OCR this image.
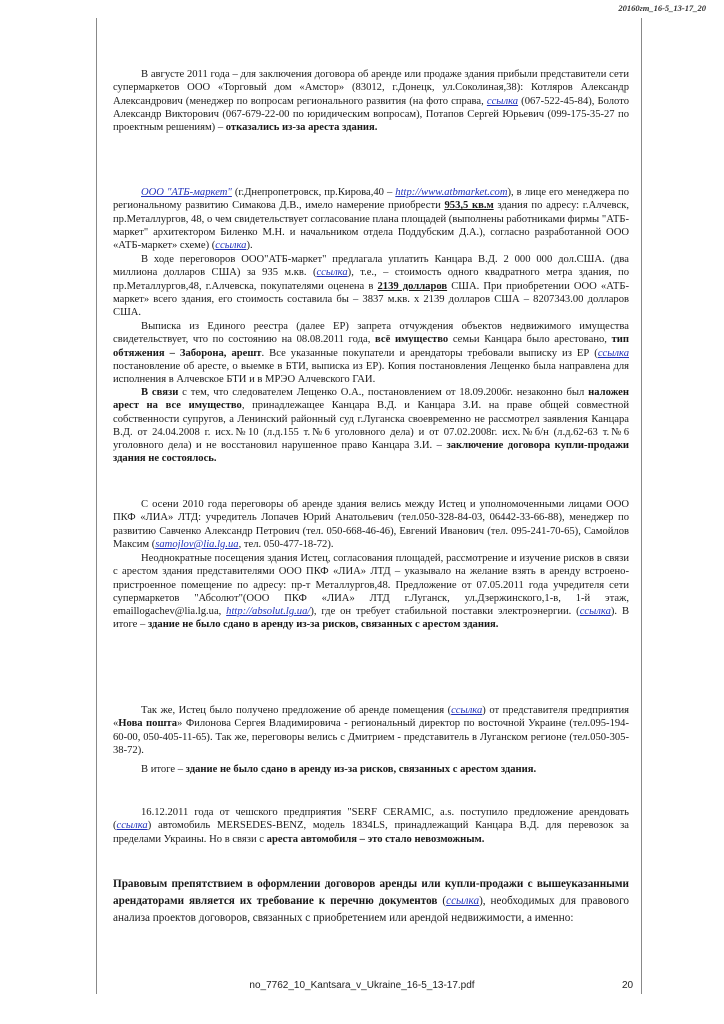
20160гт_16-5_13-17_20

В августе 2011 года – для заключения договора об аренде или продаже здания прибыли представители сети супермаркетов ООО «Торговый дом «Амстор» (83012, г.Донецк, ул.Соколиная,38): Котляров Александр Александрович (менеджер по вопросам регионального развития (на фото справа, ссылка (067-522-45-84), Болото Александр Викторович (067-679-22-00 по юридическим вопросам), Потапов Сергей Юрьевич (099-175-35-27 по проектным решениям) – отказались из-за ареста здания.

ООО "АТБ-маркет" (г.Днепропетровск, пр.Кирова,40 – http://www.atbmarket.com), в лице его менеджера по региональному развитию Симакова Д.В., имело намерение приобрести 953,5 кв.м здания по адресу: г.Алчевск, пр.Металлургов, 48, о чем свидетельствует согласование плана площадей (выполнены работниками фирмы "АТБ-маркет" архитектором Биленко М.Н. и начальником отдела Поддубским Д.А.), согласно разработанной ООО «АТБ-маркет» схеме) (ссылка).

В ходе переговоров ООО"АТБ-маркет" предлагала уплатить Канцара В.Д. 2 000 000 дол.США. (два миллиона долларов США) за 935 м.кв. (ссылка), т.е., – стоимость одного квадратного метра здания, по пр.Металлургов,48, г.Алчевска, покупателями оценена в 2139 долларов США. При приобретении ООО «АТБ-маркет» всего здания, его стоимость составила бы – 3837 м.кв. х 2139 долларов США – 8207343.00 долларов США.

Выписка из Единого реестра (далее ЕР) запрета отчуждения объектов недвижимого имущества свидетельствует, что по состоянию на 08.08.2011 года, всё имущество семьи Канцара было арестовано, тип обтяжения – Заборона, арешт. Все указанные покупатели и арендаторы требовали выписку из ЕР (ссылка постановление об аресте, о выемке в БТИ, выписка из ЕР). Копия постановления Лещенко была направлена для исполнения в Алчевское БТИ и в МРЭО Алчевского ГАИ.

В связи с тем, что следователем Лещенко О.А., постановлением от 18.09.2006г. незаконно был наложен арест на все имущество, принадлежащее Канцара В.Д. и Канцара З.И. на праве общей совместной собственности супругов, а Ленинский районный суд г.Луганска своевременно не рассмотрел заявления Канцара В.Д. от 24.04.2008 г. исх.№10 (л.д.155 т.№6 уголовного дела) и от 07.02.2008г. исх.№б/н (л.д.62-63 т.№6 уголовного дела) и не восстановил нарушенное право Канцара З.И. – заключение договора купли-продажи здания не состоялось.

С осени 2010 года переговоры об аренде здания велись между Истец и уполномоченными лицами ООО ПКФ «ЛИА» ЛТД: учредитель Лопачев Юрий Анатольевич (тел.050-328-84-03, 06442-33-66-88), менеджер по развитию Савченко Александр Петрович (тел. 050-668-46-46), Евгений Иванович (тел. 095-241-70-65), Самойлов Максим (samojlov@lia.lg.ua, тел. 050-477-18-72).

Неоднократные посещения здания Истец, согласования площадей, рассмотрение и изучение рисков в связи с арестом здания представителями ООО ПКФ «ЛИА» ЛТД – указывало на желание взять в аренду встроено-пристроенное помещение по адресу: пр-т Металлургов,48. Предложение от 07.05.2011 года учредителя сети супермаркетов "Абсолют"(ООО ПКФ «ЛИА» ЛТД г.Луганск, ул.Дзержинского,1-в, 1-й этаж, emaillogachev@lia.lg.ua, http://absolut.lg.ua/), где он требует стабильной поставки электроэнергии. (ссылка). В итоге – здание не было сдано в аренду из-за рисков, связанных с арестом здания.

Так же, Истец было получено предложение об аренде помещения (ссылка) от представителя предприятия «Нова пошта» Филонова Сергея Владимировича - региональный директор по восточной Украине (тел.095-194-60-00, 050-405-11-65). Так же, переговоры велись с Дмитрием - представитель в Луганском регионе (тел.050-305-38-72).

В итоге – здание не было сдано в аренду из-за рисков, связанных с арестом здания.

16.12.2011 года от чешского предприятия "SERF CERAMIC, a.s. поступило предложение арендовать (ссылка) автомобиль MERSEDES-BENZ, модель 1834LS, принадлежащий Канцара В.Д. для перевозок за пределами Украины. Но в связи с ареста автомобиля – это стало невозможным.

Правовым препятствием в оформлении договоров аренды или купли-продажи с вышеуказанными арендаторами является их требование к перечню документов (ссылка), необходимых для правового анализа проектов договоров, связанных с приобретением или арендой недвижимости, а именно:

no_7762_10_Kantsara_v_Ukraine_16-5_13-17.pdf	20
